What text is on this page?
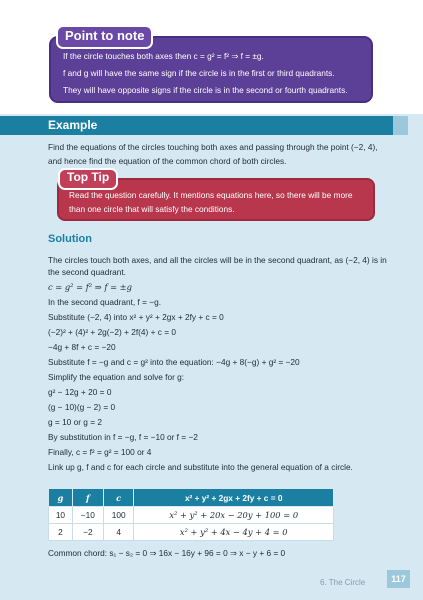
If the circle touches both axes then c = g² = f² ⇒ f = ±g.
f and g will have the same sign if the circle is in the first or third quadrants.
They will have opposite signs if the circle is in the second or fourth quadrants.
Point to note
Example
Find the equations of the circles touching both axes and passing through the point (−2, 4), and hence find the equation of the common chord of both circles.
Read the question carefully. It mentions equations here, so there will be more than one circle that will satisfy the conditions.
Top Tip
Solution
The circles touch both axes, and all the circles will be in the second quadrant, as (−2, 4) is in the second quadrant.
c = g² = f² ⇒ f = ±g
In the second quadrant, f = −g.
Substitute (−2, 4) into x² + y² + 2gx + 2fy + c = 0
(−2)² + (4)² + 2g(−2) + 2f(4) + c = 0
−4g + 8f + c = −20
Substitute f = −g and c = g² into the equation: −4g + 8(−g) + g² = −20
Simplify the equation and solve for g:
g² − 12g + 20 = 0
(g − 10)(g − 2) = 0
g = 10 or g = 2
By substitution in f = −g, f = −10 or f = −2
Finally, c = f² = g² = 100 or 4
Link up g, f and c for each circle and substitute into the general equation of a circle.
g	f	c	x² + y² + 2gx + 2fy + c = 0
10	−10	100	x² + y² + 20x − 20y + 100 = 0
2	−2	4	x² + y² + 4x − 4y + 4 = 0
Common chord: s₁ − s₂ = 0 ⇒ 16x − 16y + 96 = 0 ⇒ x − y + 6 = 0
6. The Circle	117
